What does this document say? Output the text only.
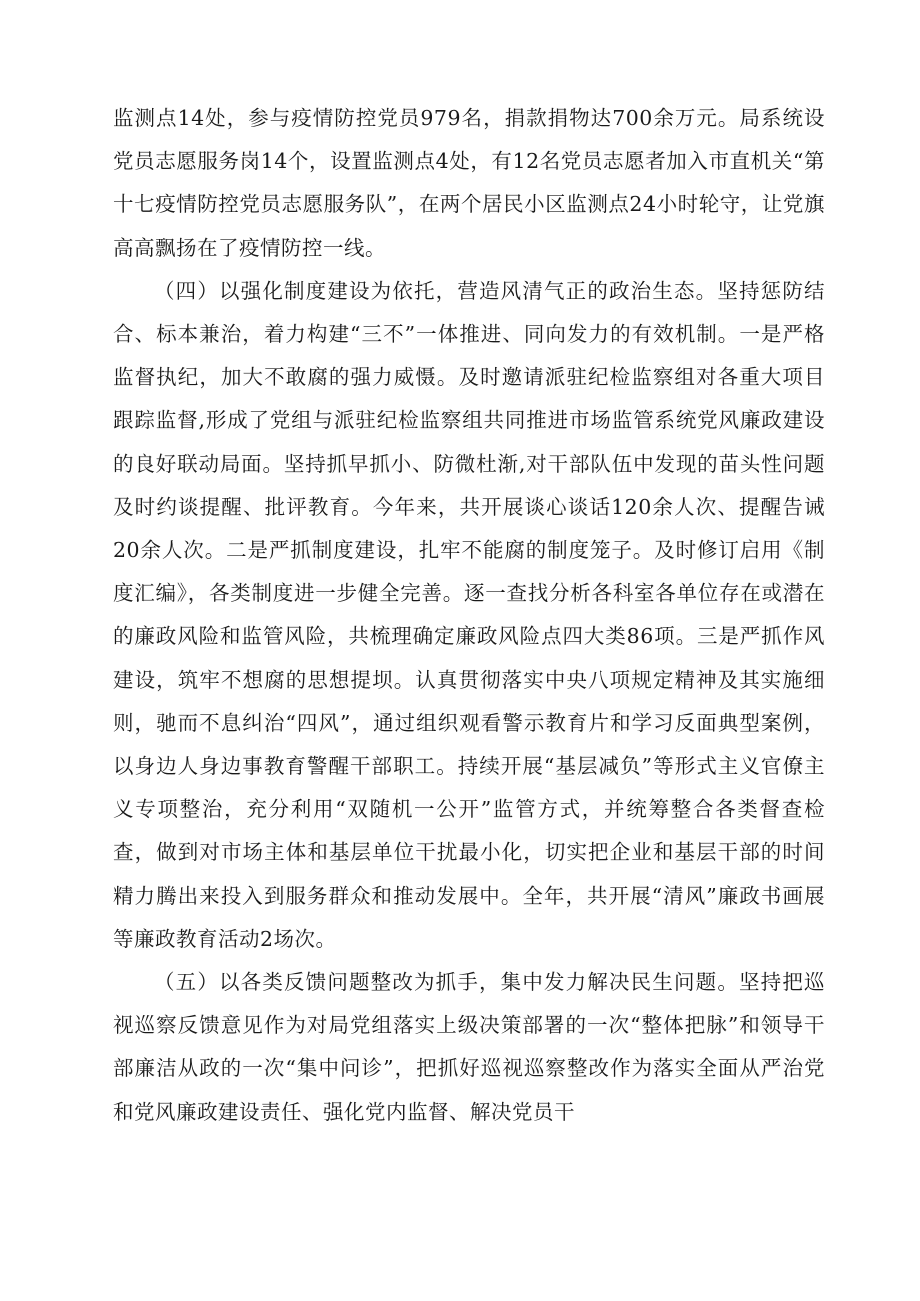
监测点14处，参与疫情防控党员979名，捐款捐物达700余万元。局系统设党员志愿服务岗14个，设置监测点4处，有12名党员志愿者加入市直机关“第十七疫情防控党员志愿服务队”，在两个居民小区监测点24小时轮守，让党旗高高飘扬在了疫情防控一线。

（四）以强化制度建设为依托，营造风清气正的政治生态。坚持惩防结合、标本兼治，着力构建“三不”一体推进、同向发力的有效机制。一是严格监督执纪，加大不敢腐的强力威慑。及时邀请派驻纪检监察组对各重大项目跟踪监督,形成了党组与派驻纪检监察组共同推进市场监管系统党风廉政建设的良好联动局面。坚持抓早抓小、防微杜渐,对干部队伍中发现的苗头性问题及时约谈提醒、批评教育。今年来，共开展谈心谈话120余人次、提醒告诫20余人次。二是严抓制度建设，扎牢不能腐的制度笼子。及时修订启用《制度汇编》，各类制度进一步健全完善。逐一查找分析各科室各单位存在或潜在的廉政风险和监管风险，共梳理确定廉政风险点四大类86项。三是严抓作风建设，筑牢不想腐的思想提坝。认真贯彻落实中央八项规定精神及其实施细则，驰而不息纠治“四风”，通过组织观看警示教育片和学习反面典型案例，以身边人身边事教育警醒干部职工。持续开展“基层减负”等形式主义官僚主义专项整治，充分利用“双随机一公开”监管方式，并统筹整合各类督查检查，做到对市场主体和基层单位干扰最小化，切实把企业和基层干部的时间精力腾出来投入到服务群众和推动发展中。全年，共开展“清风”廉政书画展等廉政教育活动2场次。

（五）以各类反馈问题整改为抓手，集中发力解决民生问题。坚持把巡视巡察反馈意见作为对局党组落实上级决策部署的一次“整体把脉”和领导干部廉洁从政的一次“集中问诊”，把抓好巡视巡察整改作为落实全面从严治党和党风廉政建设责任、强化党内监督、解决党员干
